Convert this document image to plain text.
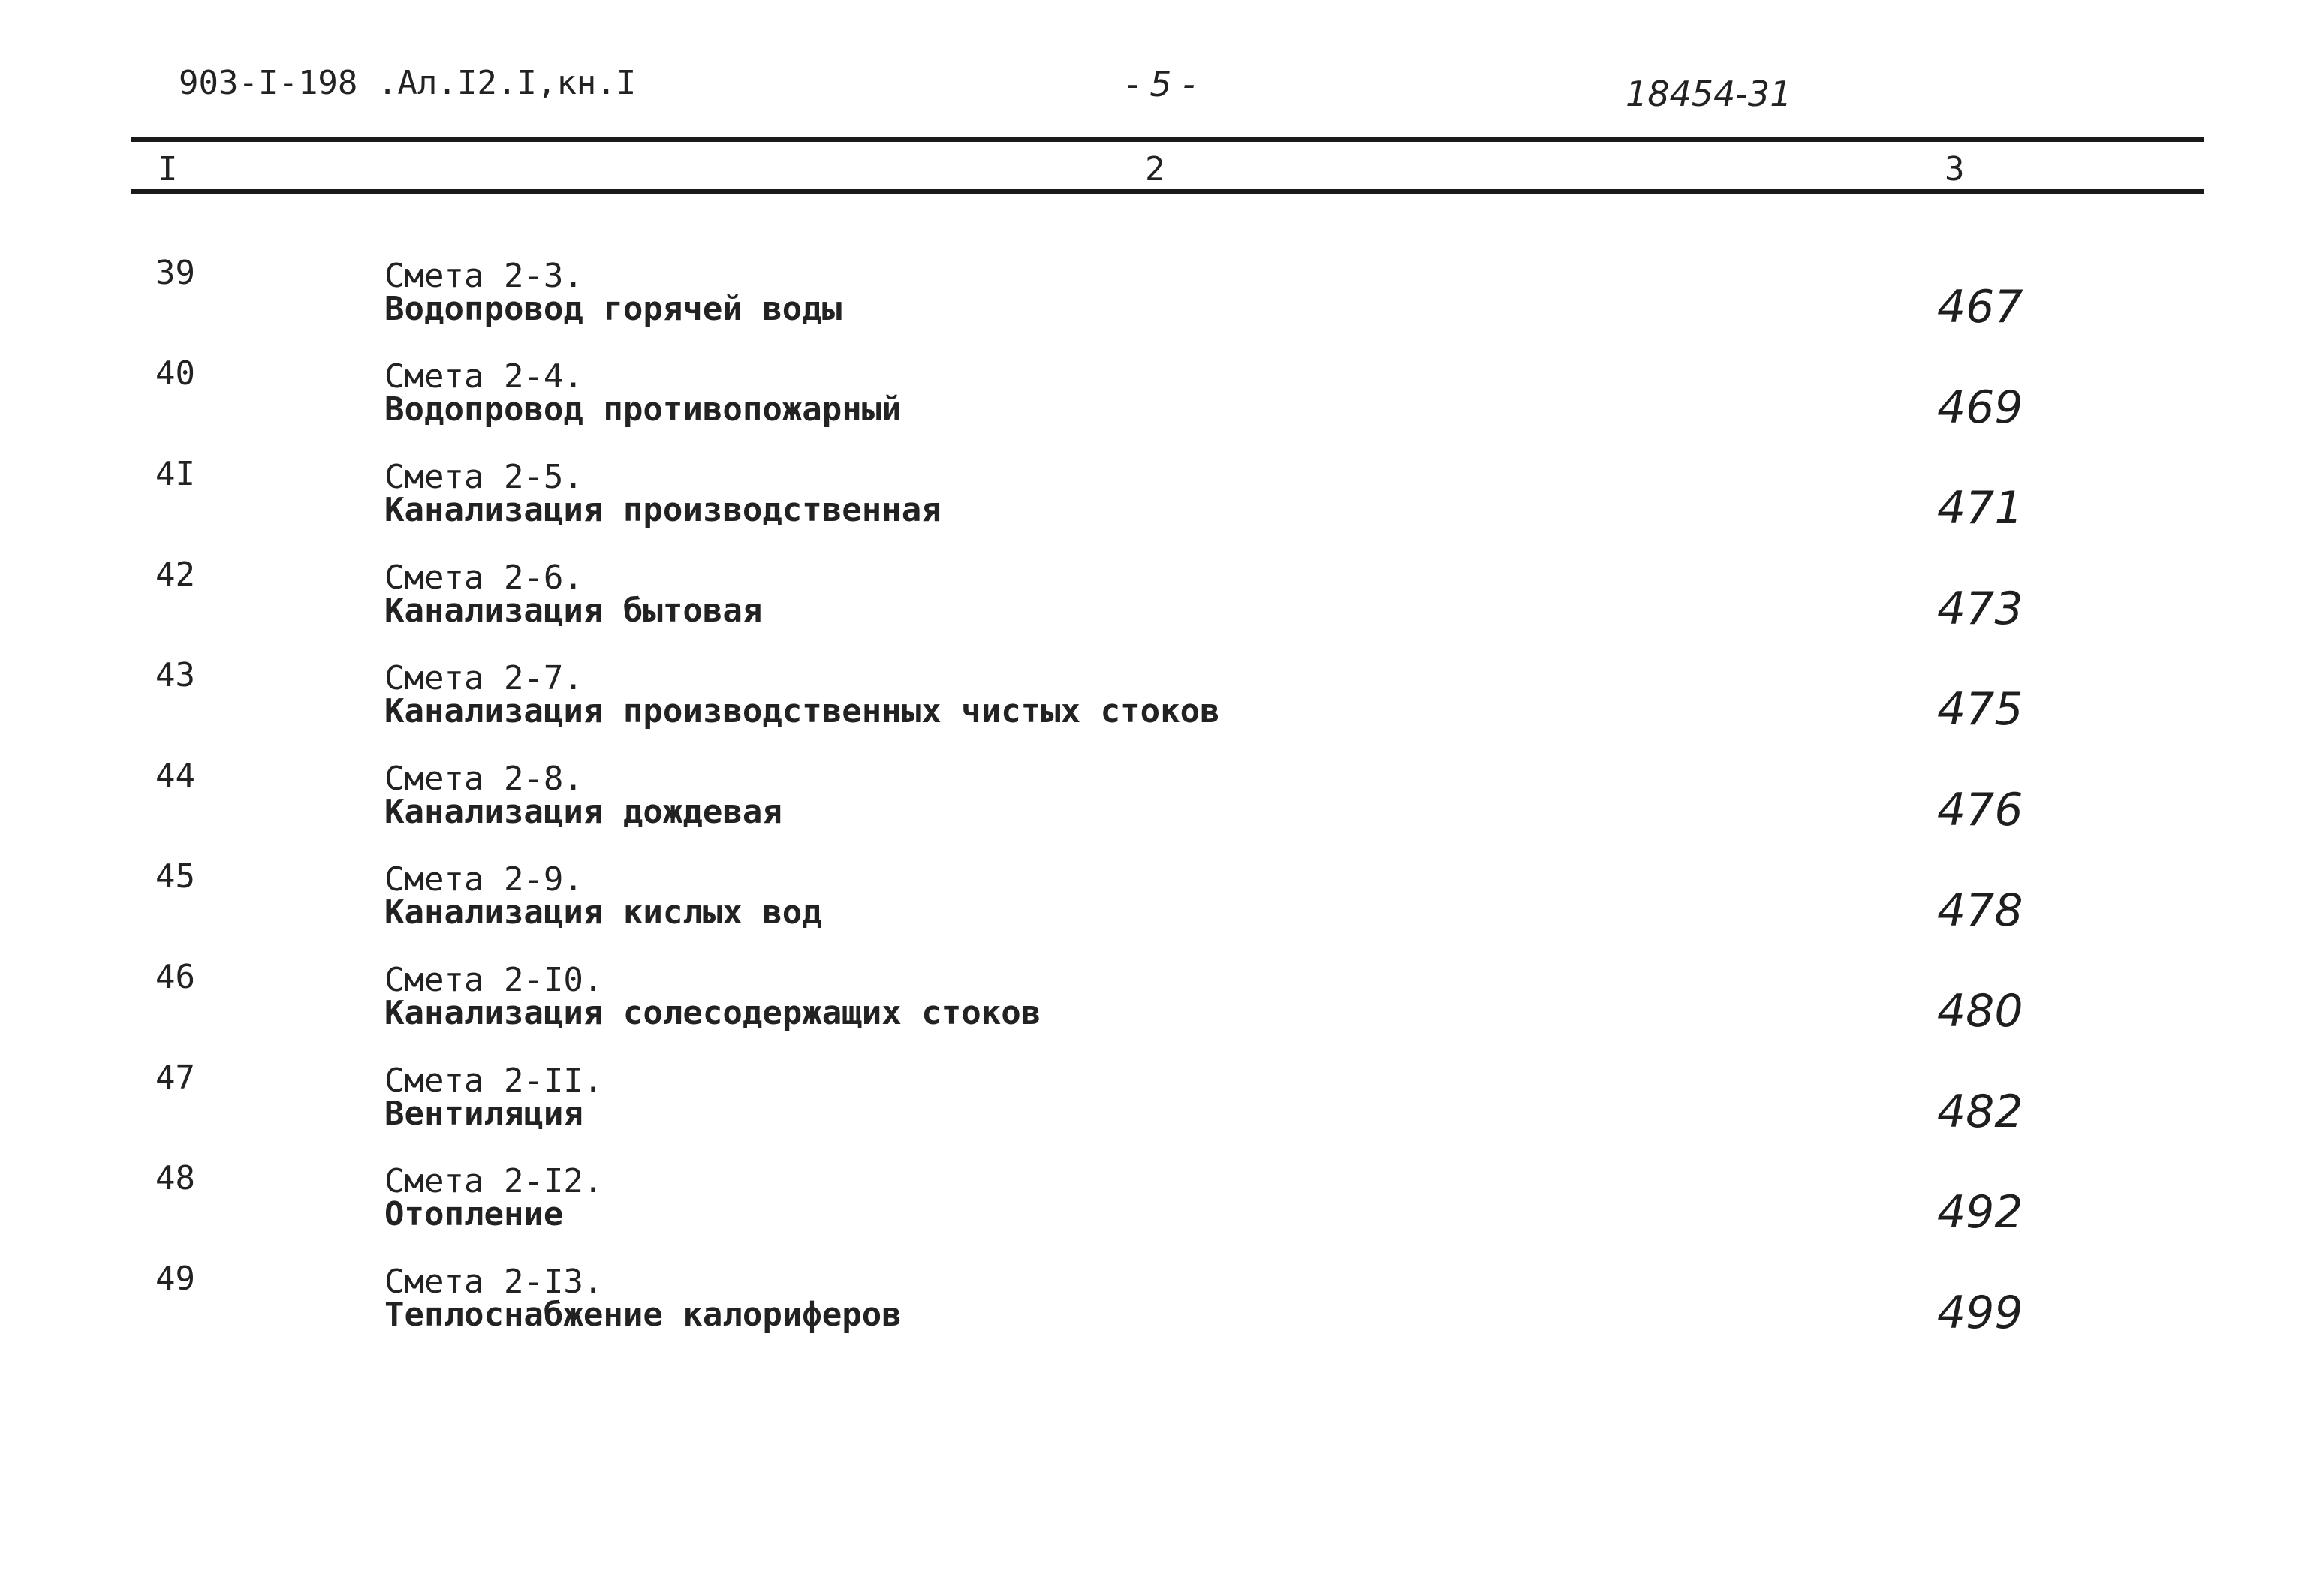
903-I-198 .Ал.I2.I,кн.I	- 5 -	18454-31
I	2	3
39	Смета 2-3.
Водопровод горячей воды	467
40	Смета 2-4.
Водопровод противопожарный	469
4I	Смета 2-5.
Канализация производственная	471
42	Смета 2-6.
Канализация бытовая	473
43	Смета 2-7.
Канализация производственных чистых стоков	475
44	Смета 2-8.
Канализация дождевая	476
45	Смета 2-9.
Канализация кислых вод	478
46	Смета 2-I0.
Канализация солесодержащих стоков	480
47	Смета 2-II.
Вентиляция	482
48	Смета 2-I2.
Отопление	492
49	Смета 2-I3.
Теплоснабжение калориферов	499
